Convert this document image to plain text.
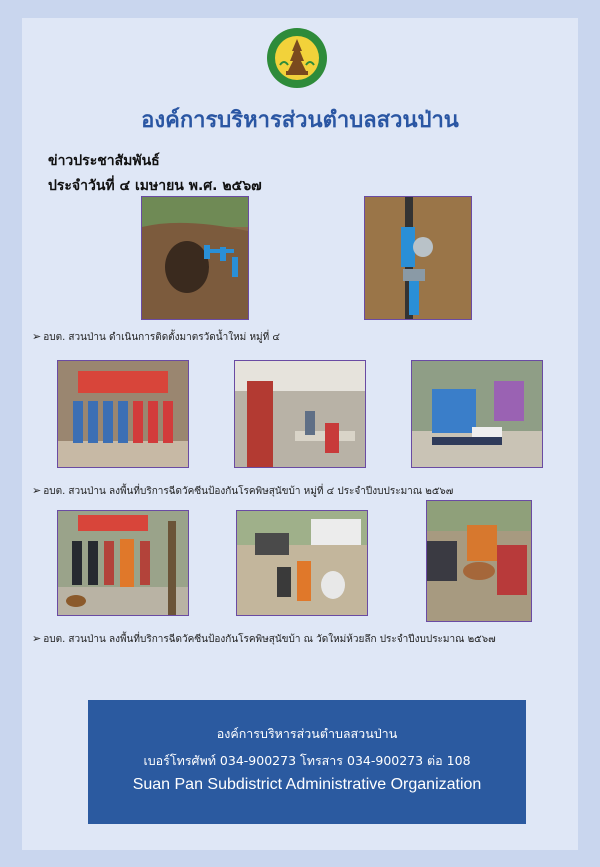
องค์การบริหารส่วนตำบลสวนป่าน
ข่าวประชาสัมพันธ์
ประจำวันที่ ๔ เมษายน พ.ศ. ๒๕๖๗
➢ อบต. สวนป่าน ดำเนินการติดตั้งมาตรวัดน้ำใหม่ หมู่ที่ ๔
➢ อบต. สวนป่าน ลงพื้นที่บริการฉีดวัคซีนป้องกันโรคพิษสุนัขบ้า หมู่ที่ ๔ ประจำปีงบประมาณ ๒๕๖๗
➢ อบต. สวนป่าน ลงพื้นที่บริการฉีดวัคซีนป้องกันโรคพิษสุนัขบ้า ณ วัดใหม่ห้วยลึก ประจำปีงบประมาณ ๒๕๖๗
องค์การบริหารส่วนตำบลสวนป่าน
เบอร์โทรศัพท์ 034-900273 โทรสาร 034-900273 ต่อ 108
Suan Pan Subdistrict Administrative Organization
